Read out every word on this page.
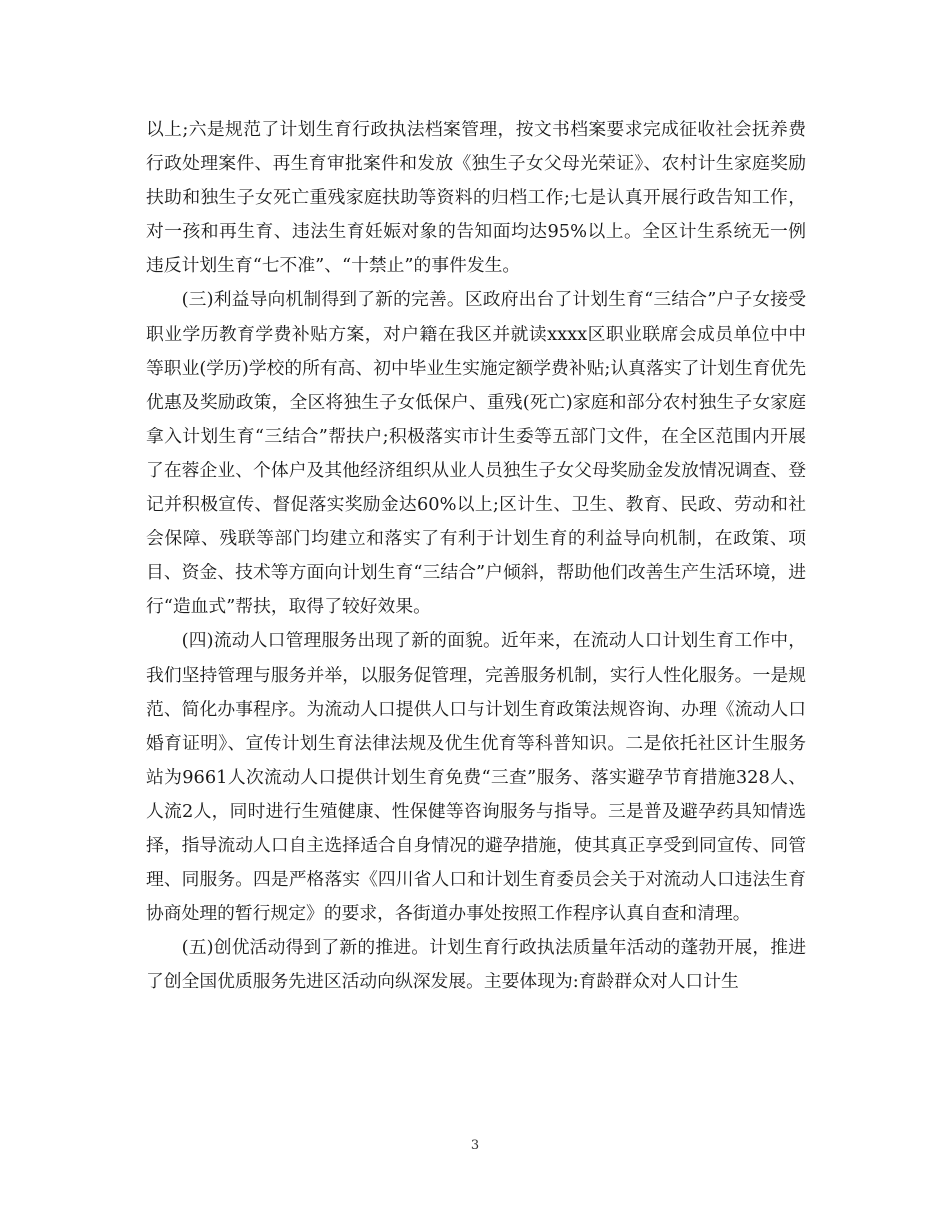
以上;六是规范了计划生育行政执法档案管理，按文书档案要求完成征收社会抚养费行政处理案件、再生育审批案件和发放《独生子女父母光荣证》、农村计生家庭奖励扶助和独生子女死亡重残家庭扶助等资料的归档工作;七是认真开展行政告知工作，对一孩和再生育、违法生育妊娠对象的告知面均达95%以上。全区计生系统无一例违反计划生育“七不准”、“十禁止”的事件发生。

(三)利益导向机制得到了新的完善。区政府出台了计划生育“三结合”户子女接受职业学历教育学费补贴方案，对户籍在我区并就读xxxx区职业联席会成员单位中中等职业(学历)学校的所有高、初中毕业生实施定额学费补贴;认真落实了计划生育优先优惠及奖励政策，全区将独生子女低保户、重残(死亡)家庭和部分农村独生子女家庭拿入计划生育“三结合”帮扶户;积极落实市计生委等五部门文件，在全区范围内开展了在蓉企业、个体户及其他经济组织从业人员独生子女父母奖励金发放情况调查、登记并积极宣传、督促落实奖励金达60%以上;区计生、卫生、教育、民政、劳动和社会保障、残联等部门均建立和落实了有利于计划生育的利益导向机制，在政策、项目、资金、技术等方面向计划生育“三结合”户倾斜，帮助他们改善生产生活环境，进行“造血式”帮扶，取得了较好效果。

(四)流动人口管理服务出现了新的面貌。近年来，在流动人口计划生育工作中，我们坚持管理与服务并举，以服务促管理，完善服务机制，实行人性化服务。一是规范、简化办事程序。为流动人口提供人口与计划生育政策法规咨询、办理《流动人口婚育证明》、宣传计划生育法律法规及优生优育等科普知识。二是依托社区计生服务站为9661人次流动人口提供计划生育免费“三查”服务、落实避孕节育措施328人、人流2人，同时进行生殖健康、性保健等咨询服务与指导。三是普及避孕药具知情选择，指导流动人口自主选择适合自身情况的避孕措施，使其真正享受到同宣传、同管理、同服务。四是严格落实《四川省人口和计划生育委员会关于对流动人口违法生育协商处理的暂行规定》的要求，各街道办事处按照工作程序认真自查和清理。

(五)创优活动得到了新的推进。计划生育行政执法质量年活动的蓬勃开展，推进了创全国优质服务先进区活动向纵深发展。主要体现为:育龄群众对人口计生

3
